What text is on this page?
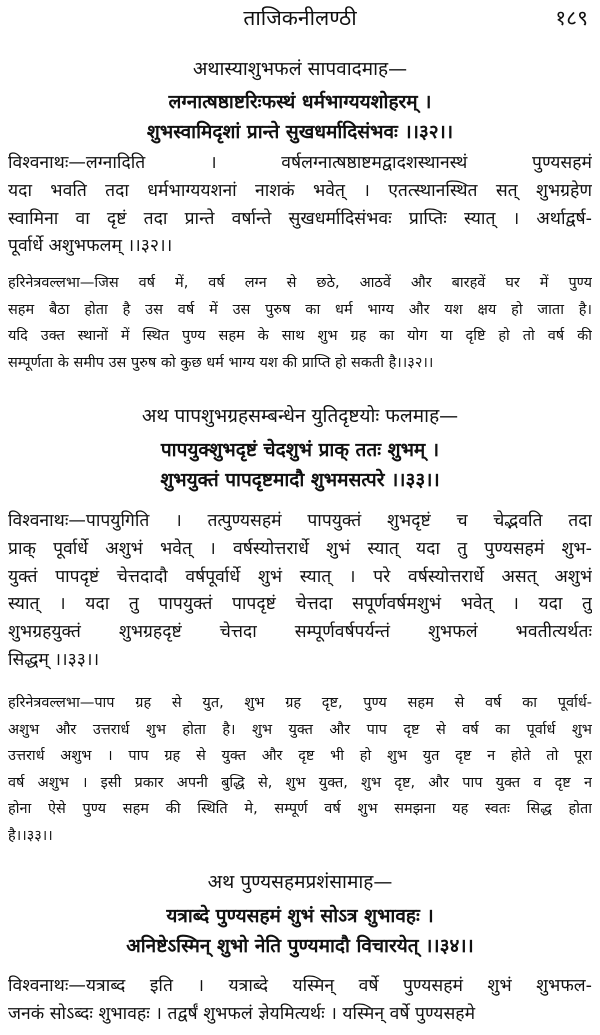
ताजिकनीलण्ठी	१८९
अथास्याशुभफलं सापवादमाह—
लग्नात्षष्ठाष्टरिःफस्थं धर्मभाग्ययशोहरम् ।
शुभस्वामिदृशां प्रान्ते सुखधर्मादिसंभवः ।।३२।।
विश्वनाथः—लग्नादिति । वर्षलग्नात्षष्ठाष्टमद्वादशस्थानस्थं पुण्यसहमं
यदा भवति तदा धर्मभाग्ययशनां नाशकं भवेत् । एतत्स्थानस्थित सत् शुभग्रहेण
स्वामिना वा दृष्टं तदा प्रान्ते वर्षान्ते सुखधर्मादिसंभवः प्राप्तिः स्यात् । अर्थाद्वर्ष-
पूर्वार्धे अशुभफलम् ।।३२।।
हरिनेत्रवल्लभा—जिस वर्ष में, वर्ष लग्न से छठे, आठवें और बारहवें घर में पुण्य
सहम बैठा होता है उस वर्ष में उस पुरुष का धर्म भाग्य और यश क्षय हो जाता है।
यदि उक्त स्थानों में स्थित पुण्य सहम के साथ शुभ ग्रह का योग या दृष्टि हो तो वर्ष की
सम्पूर्णता के समीप उस पुरुष को कुछ धर्म भाग्य यश की प्राप्ति हो सकती है।।३२।।
अथ पापशुभग्रहसम्बन्धेन युतिदृष्टयोः फलमाह—
पापयुक्शुभदृष्टं चेदशुभं प्राक् ततः शुभम् ।
शुभयुक्तं पापदृष्टमादौ शुभमसत्परे ।।३३।।
विश्वनाथः—पापयुगिति । तत्पुण्यसहमं पापयुक्तं शुभदृष्टं च चेद्भवति तदा
प्राक् पूर्वार्धे अशुभं भवेत् । वर्षस्योत्तरार्धे शुभं स्यात् यदा तु पुण्यसहमं शुभ-
युक्तं पापदृष्टं चेत्तदादौ वर्षपूर्वार्धे शुभं स्यात् । परे वर्षस्योत्तरार्धे असत् अशुभं
स्यात् । यदा तु पापयुक्तं पापदृष्टं चेत्तदा सपूर्णवर्षमशुभं भवेत् । यदा तु
शुभग्रहयुक्तं शुभग्रहदृष्टं चेत्तदा सम्पूर्णवर्षपर्यन्तं शुभफलं भवतीत्यर्थतः
सिद्धम् ।।३३।।
हरिनेत्रवल्लभा—पाप ग्रह से युत, शुभ ग्रह दृष्ट, पुण्य सहम से वर्ष का पूर्वार्ध-
अशुभ और उत्तरार्ध शुभ होता है। शुभ युक्त और पाप दृष्ट से वर्ष का पूर्वार्ध शुभ
उत्तरार्ध अशुभ । पाप ग्रह से युक्त और दृष्ट भी हो शुभ युत दृष्ट न होते तो पूरा
वर्ष अशुभ । इसी प्रकार अपनी बुद्धि से, शुभ युक्त, शुभ दृष्ट, और पाप युक्त व दृष्ट न
होना ऐसे पुण्य सहम की स्थिति मे, सम्पूर्ण वर्ष शुभ समझना यह स्वतः सिद्ध होता
है।।३३।।
अथ पुण्यसहमप्रशंसामाह—
यत्राब्दे पुण्यसहमं शुभं सोऽत्र शुभावहः ।
अनिष्टेऽस्मिन् शुभो नेति पुण्यमादौ विचारयेत् ।।३४।।
विश्वनाथः—यत्राब्द इति । यत्राब्दे यस्मिन् वर्षे पुण्यसहमं शुभं शुभफल-
जनकं सोऽब्दः शुभावहः । तद्वर्षं शुभफलं ज्ञेयमित्यर्थः । यस्मिन् वर्षे पुण्यसहमे
